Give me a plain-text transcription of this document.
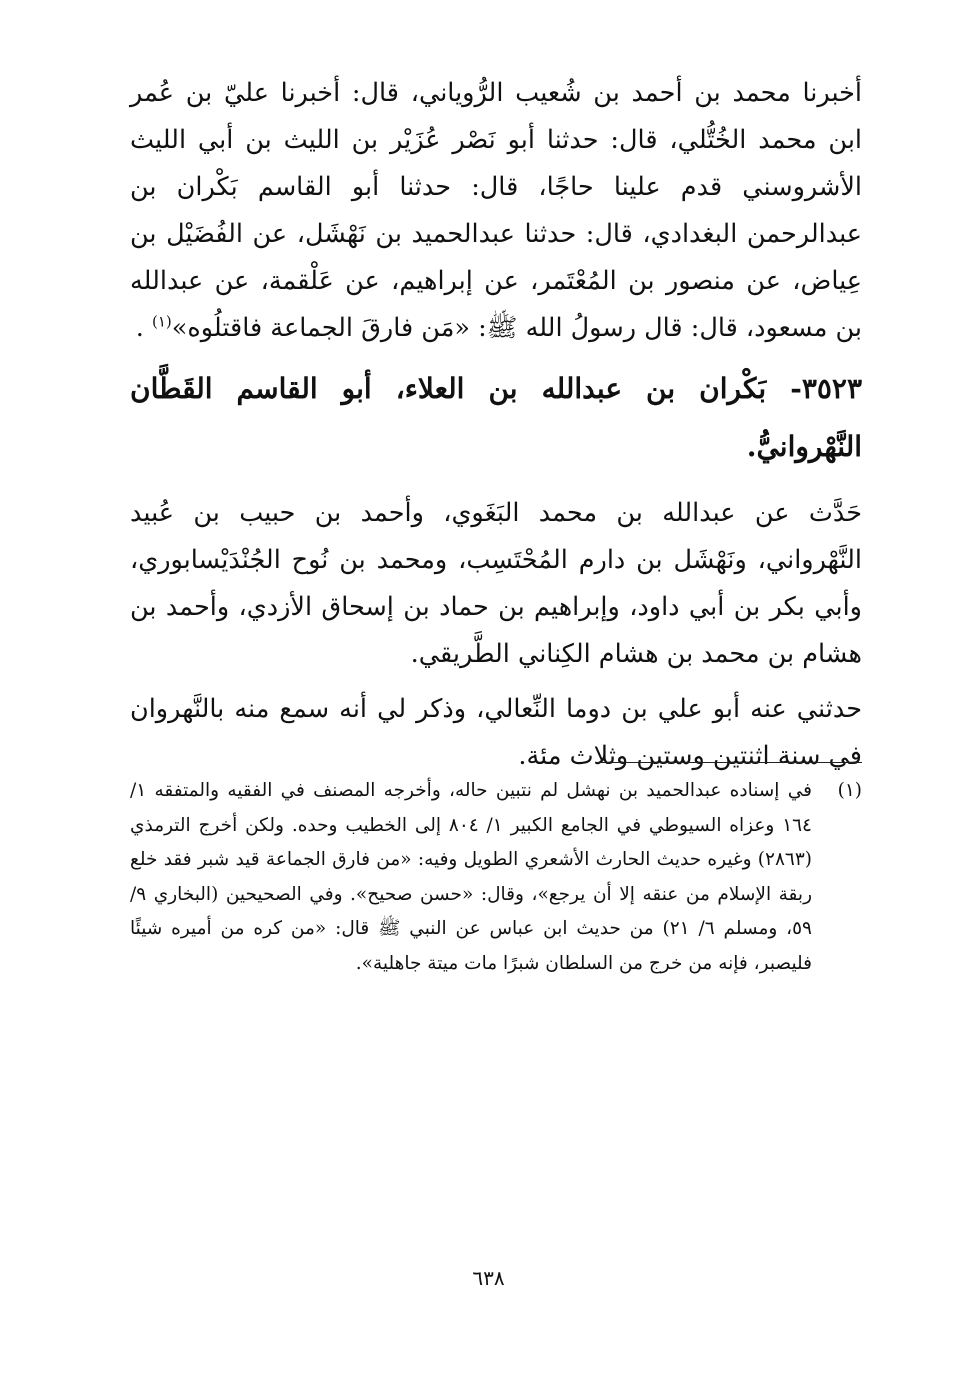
أخبرنا محمد بن أحمد بن شُعيب الرُّوياني، قال: أخبرنا عليّ بن عُمر ابن محمد الخُتُّلي، قال: حدثنا أبو نَصْر عُزَيْر بن الليث بن أبي الليث الأشروسني قدم علينا حاجًا، قال: حدثنا أبو القاسم بَكْران بن عبدالرحمن البغدادي، قال: حدثنا عبدالحميد بن نَهْشَل، عن الفُضَيْل بن عِياض، عن منصور بن المُعْتَمر، عن إبراهيم، عن عَلْقمة، عن عبدالله بن مسعود، قال: قال رسولُ الله ﷺ: «مَن فارقَ الجماعة فاقتلُوه»$^{(١)}$ .

٣٥٢٣- بَكْران بن عبدالله بن العلاء، أبو القاسم القَطَّان النَّهْروانيُّ.

حَدَّث عن عبدالله بن محمد البَغَوي، وأحمد بن حبيب بن عُبيد النَّهْرواني، ونَهْشَل بن دارم المُحْتَسِب، ومحمد بن نُوح الجُنْدَيْسابوري، وأبي بكر بن أبي داود، وإبراهيم بن حماد بن إسحاق الأزدي، وأحمد بن هشام بن محمد بن هشام الكِناني الطَّريقي.

حدثني عنه أبو علي بن دوما النِّعالي، وذكر لي أنه سمع منه بالنَّهروان في سنة اثنتين وستين وثلاث مئة.

(١)
في إسناده عبدالحميد بن نهشل لم نتبين حاله، وأخرجه المصنف في الفقيه والمتفقه ١/ ١٦٤ وعزاه السيوطي في الجامع الكبير ١/ ٨٠٤ إلى الخطيب وحده. ولكن أخرج الترمذي (٢٨٦٣) وغيره حديث الحارث الأشعري الطويل وفيه: «من فارق الجماعة قيد شبر فقد خلع ربقة الإسلام من عنقه إلا أن يرجع»، وقال: «حسن صحيح». وفي الصحيحين (البخاري ٩/ ٥٩، ومسلم ٦/ ٢١) من حديث ابن عباس عن النبي ﷺ قال: «من كره من أميره شيئًا فليصبر، فإنه من خرج من السلطان شبرًا مات ميتة جاهلية».

٦٣٨
